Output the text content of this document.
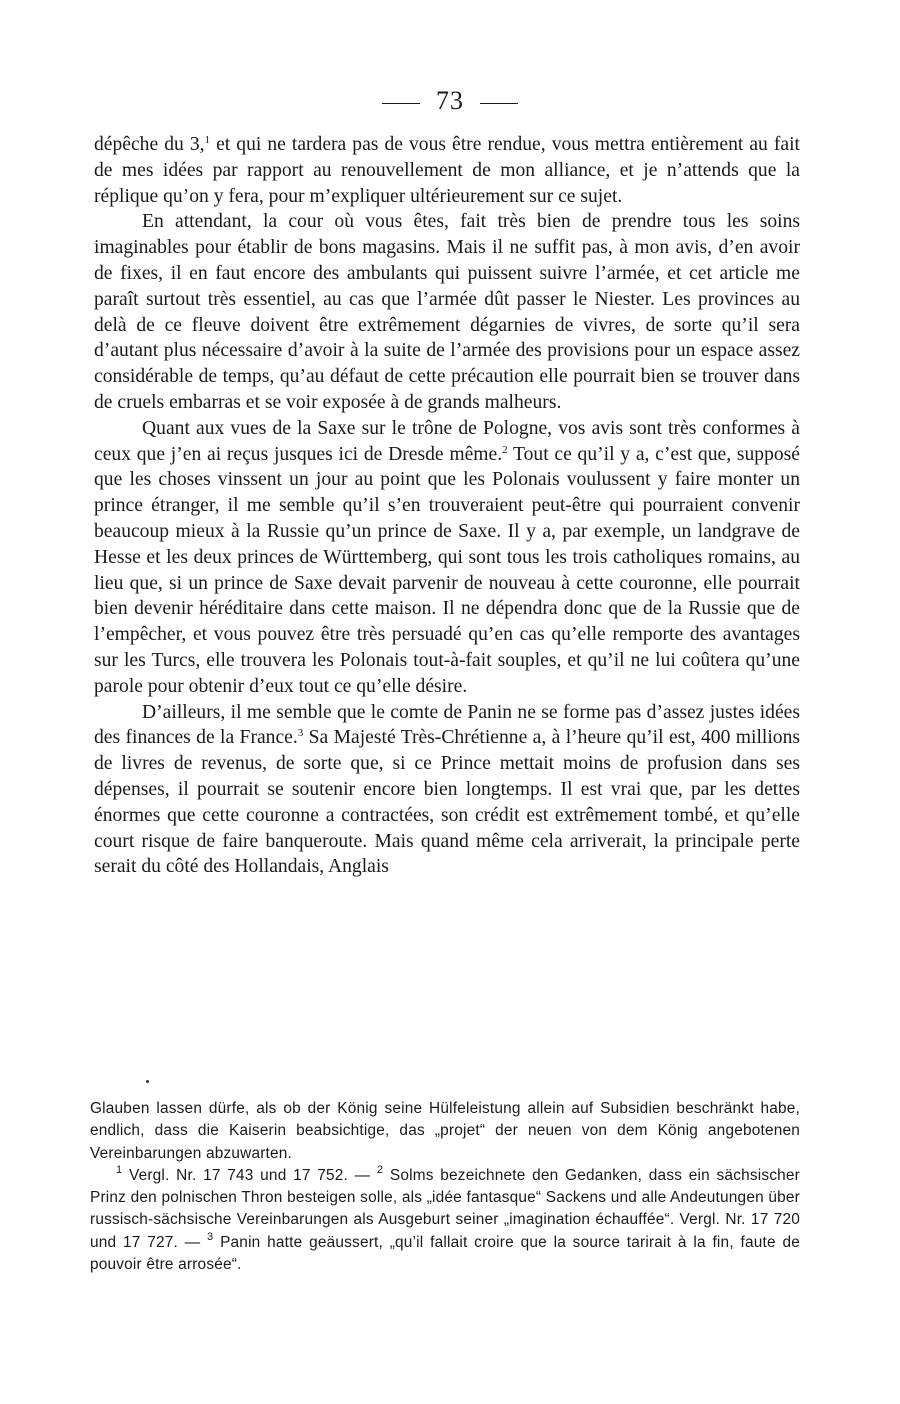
73

dépêche du 3,$^1$ et qui ne tardera pas de vous être rendue, vous mettra entièrement au fait de mes idées par rapport au renouvellement de mon alliance, et je n’attends que la réplique qu’on y fera, pour m’expliquer ultérieurement sur ce sujet.

En attendant, la cour où vous êtes, fait très bien de prendre tous les soins imaginables pour établir de bons magasins. Mais il ne suffit pas, à mon avis, d’en avoir de fixes, il en faut encore des ambulants qui puissent suivre l’armée, et cet article me paraît surtout très essentiel, au cas que l’armée dût passer le Niester. Les provinces au delà de ce fleuve doivent être extrêmement dégarnies de vivres, de sorte qu’il sera d’autant plus nécessaire d’avoir à la suite de l’armée des provisions pour un espace assez considérable de temps, qu’au défaut de cette précaution elle pourrait bien se trouver dans de cruels embarras et se voir exposée à de grands malheurs.

Quant aux vues de la Saxe sur le trône de Pologne, vos avis sont très conformes à ceux que j’en ai reçus jusques ici de Dresde même.$^2$ Tout ce qu’il y a, c’est que, supposé que les choses vinssent un jour au point que les Polonais voulussent y faire monter un prince étranger, il me semble qu’il s’en trouveraient peut-être qui pourraient convenir beaucoup mieux à la Russie qu’un prince de Saxe. Il y a, par exemple, un landgrave de Hesse et les deux princes de Württemberg, qui sont tous les trois catholiques romains, au lieu que, si un prince de Saxe devait parvenir de nouveau à cette couronne, elle pourrait bien devenir héréditaire dans cette maison. Il ne dépendra donc que de la Russie que de l’empêcher, et vous pouvez être très persuadé qu’en cas qu’elle remporte des avantages sur les Turcs, elle trouvera les Polonais tout-à-fait souples, et qu’il ne lui coûtera qu’une parole pour obtenir d’eux tout ce qu’elle désire.

D’ailleurs, il me semble que le comte de Panin ne se forme pas d’assez justes idées des finances de la France.$^3$ Sa Majesté Très-Chrétienne a, à l’heure qu’il est, 400 millions de livres de revenus, de sorte que, si ce Prince mettait moins de profusion dans ses dépenses, il pourrait se soutenir encore bien longtemps. Il est vrai que, par les dettes énormes que cette couronne a contractées, son crédit est extrêmement tombé, et qu’elle court risque de faire banqueroute. Mais quand même cela arriverait, la principale perte serait du côté des Hollandais, Anglais

Glauben lassen dürfe, als ob der König seine Hülfeleistung allein auf Subsidien beschränkt habe, endlich, dass die Kaiserin beabsichtige, das „projet“ der neuen von dem König angebotenen Vereinbarungen abzuwarten.

$^1$ Vergl. Nr. 17 743 und 17 752. — $^2$ Solms bezeichnete den Gedanken, dass ein sächsischer Prinz den polnischen Thron besteigen solle, als „idée fantasque“ Sackens und alle Andeutungen über russisch-sächsische Vereinbarungen als Ausgeburt seiner „imagination échauffée“. Vergl. Nr. 17 720 und 17 727. — $^3$ Panin hatte geäussert, „qu’il fallait croire que la source tarirait à la fin, faute de pouvoir être arrosée“.
